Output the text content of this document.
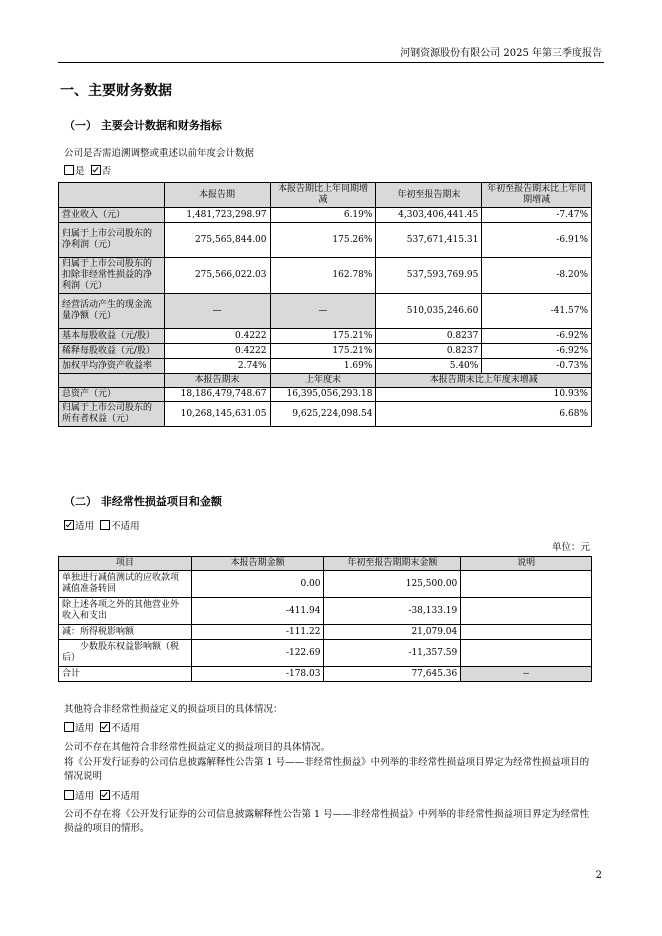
河钢资源股份有限公司 2025 年第三季度报告
一、主要财务数据
（一） 主要会计数据和财务指标
公司是否需追溯调整或重述以前年度会计数据
是 否
	本报告期	本报告期比上年同期增减	年初至报告期末	年初至报告期末比上年同期增减
营业收入（元）	1,481,723,298.97	6.19%	4,303,406,441.45	-7.47%
归属于上市公司股东的净利润（元）	275,565,844.00	175.26%	537,671,415.31	-6.91%
归属于上市公司股东的扣除非经常性损益的净利润（元）	275,566,022.03	162.78%	537,593,769.95	-8.20%
经营活动产生的现金流量净额（元）	—	—	510,035,246.60	-41.57%
基本每股收益（元/股）	0.4222	175.21%	0.8237	-6.92%
稀释每股收益（元/股）	0.4222	175.21%	0.8237	-6.92%
加权平均净资产收益率	2.74%	1.69%	5.40%	-0.73%
	本报告期末	上年度末	本报告期末比上年度末增减	
总资产（元）	18,186,479,748.67	16,395,056,293.18	10.93%	
归属于上市公司股东的所有者权益（元）	10,268,145,631.05	9,625,224,098.54	6.68%	
（二） 非经常性损益项目和金额
适用 不适用
单位：元
项目	本报告期金额	年初至报告期期末金额	说明
单独进行减值测试的应收款项减值准备转回	0.00	125,500.00	
除上述各项之外的其他营业外收入和支出	-411.94	-38,133.19	
减：所得税影响额	-111.22	21,079.04	
少数股东权益影响额（税后）	-122.69	-11,357.59	
合计	-178.03	77,645.36	--
其他符合非经常性损益定义的损益项目的具体情况：
适用 不适用
公司不存在其他符合非经常性损益定义的损益项目的具体情况。
将《公开发行证券的公司信息披露解释性公告第 1 号——非经常性损益》中列举的非经常性损益项目界定为经常性损益项目的情况说明
适用 不适用
公司不存在将《公开发行证券的公司信息披露解释性公告第 1 号——非经常性损益》中列举的非经常性损益项目界定为经常性损益的项目的情形。
2
